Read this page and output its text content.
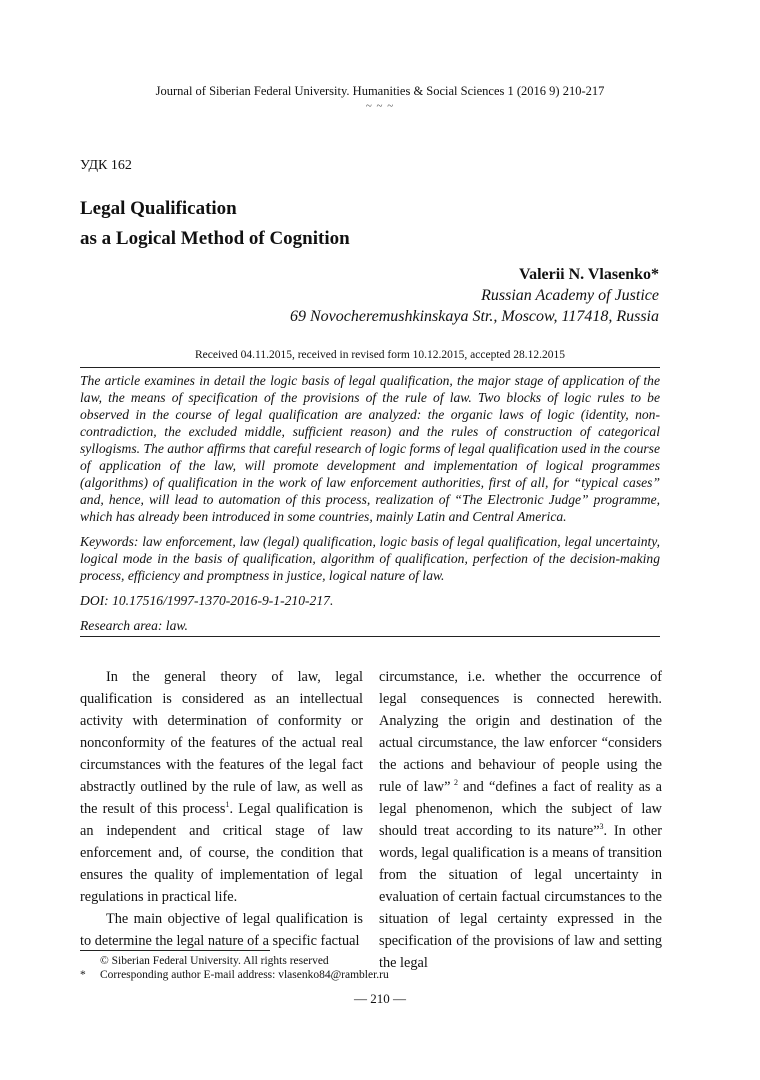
Journal of Siberian Federal University. Humanities & Social Sciences 1 (2016 9) 210-217
~ ~ ~
УДК 162
Legal Qualification
as a Logical Method of Cognition
Valerii N. Vlasenko*
Russian Academy of Justice
69 Novocheremushkinskaya Str., Moscow, 117418, Russia
Received 04.11.2015, received in revised form 10.12.2015, accepted 28.12.2015

The article examines in detail the logic basis of legal qualification, the major stage of application of the law, the means of specification of the provisions of the rule of law. Two blocks of logic rules to be observed in the course of legal qualification are analyzed: the organic laws of logic (identity, non-contradiction, the excluded middle, sufficient reason) and the rules of construction of categorical syllogisms. The author affirms that careful research of logic forms of legal qualification used in the course of application of the law, will promote development and implementation of logical programmes (algorithms) of qualification in the work of law enforcement authorities, first of all, for “typical cases” and, hence, will lead to automation of this process, realization of “The Electronic Judge” programme, which has already been introduced in some countries, mainly Latin and Central America.

Keywords: law enforcement, law (legal) qualification, logic basis of legal qualification, legal uncertainty, logical mode in the basis of qualification, algorithm of qualification, perfection of the decision-making process, efficiency and promptness in justice, logical nature of law.

DOI: 10.17516/1997-1370-2016-9-1-210-217.

Research area: law.

In the general theory of law, legal qualification is considered as an intellectual activity with determination of conformity or nonconformity of the features of the actual real circumstances with the features of the legal fact abstractly outlined by the rule of law, as well as the result of this process$^1$. Legal qualification is an independent and critical stage of law enforcement and, of course, the condition that ensures the quality of implementation of legal regulations in practical life.

The main objective of legal qualification is to determine the legal nature of a specific factual

circumstance, i.e. whether the occurrence of legal consequences is connected herewith. Analyzing the origin and destination of the actual circumstance, the law enforcer “considers the actions and behaviour of people using the rule of law” $^2$ and “defines a fact of reality as a legal phenomenon, which the subject of law should treat according to its nature”$^3$. In other words, legal qualification is a means of transition from the situation of legal uncertainty in evaluation of certain factual circumstances to the situation of legal certainty expressed in the specification of the provisions of law and setting the legal

© Siberian Federal University. All rights reserved
* Corresponding author E-mail address: vlasenko84@rambler.ru
— 210 —
